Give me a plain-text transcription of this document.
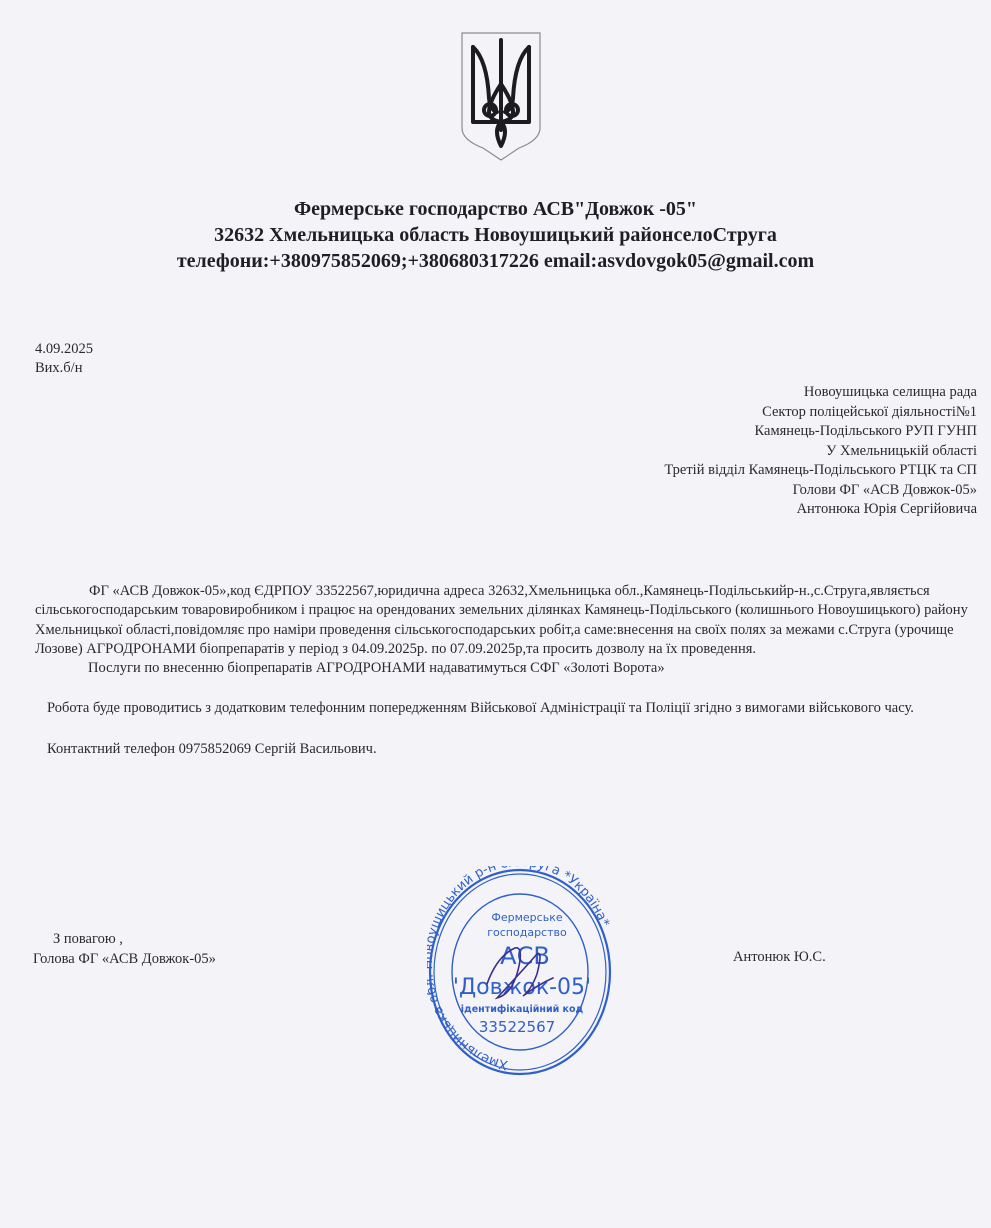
Фермерське господарство АСВ"Довжок -05"
32632 Хмельницька область Новоушицький районселоСтруга
телефони:+380975852069;+380680317226 email:asvdovgok05@gmail.com
4.09.2025
Вих.б/н
Новоушицька селищна рада
Сектор поліцейської діяльності№1
Камянець-Подільського РУП ГУНП
У Хмельницькій області
Третій відділ Камянець-Подільського РТЦК та СП
Голови ФГ «АСВ Довжок-05»
Антонюка Юрія Сергійовича

ФГ «АСВ Довжок-05»,код ЄДРПОУ 33522567,юридична адреса 32632,Хмельницька обл.,Камянець-Подільськийр-н.,с.Струга,являється сільськогосподарським товаровиробником і працює на орендованих земельних ділянках Камянець-Подільського (колишнього Новоушицького) району Хмельницької області,повідомляє про наміри проведення сільськогосподарських робіт,а саме:внесення на своїх полях за межами с.Струга (урочище Лозове) АГРОДРОНАМИ біопрепаратів у період з 04.09.2025р. по 07.09.2025р,та просить дозволу на їх проведення.

Послуги по внесенню біопрепаратів АГРОДРОНАМИ надаватимуться СФГ «Золоті Ворота»

Робота буде проводитись з додатковим телефонним попередженням Військової Адміністрації та Поліції згідно з вимогами військового часу.

Контактний телефон 0975852069 Сергій Васильович.

З повагою ,
Голова ФГ «АСВ Довжок-05»
Хмельницька о шицький р-н га *Україна*
Фермерське
господарство
АСВ
'Довжок-05'
ідентифікаційний код
33522567
Антонюк Ю.С.
